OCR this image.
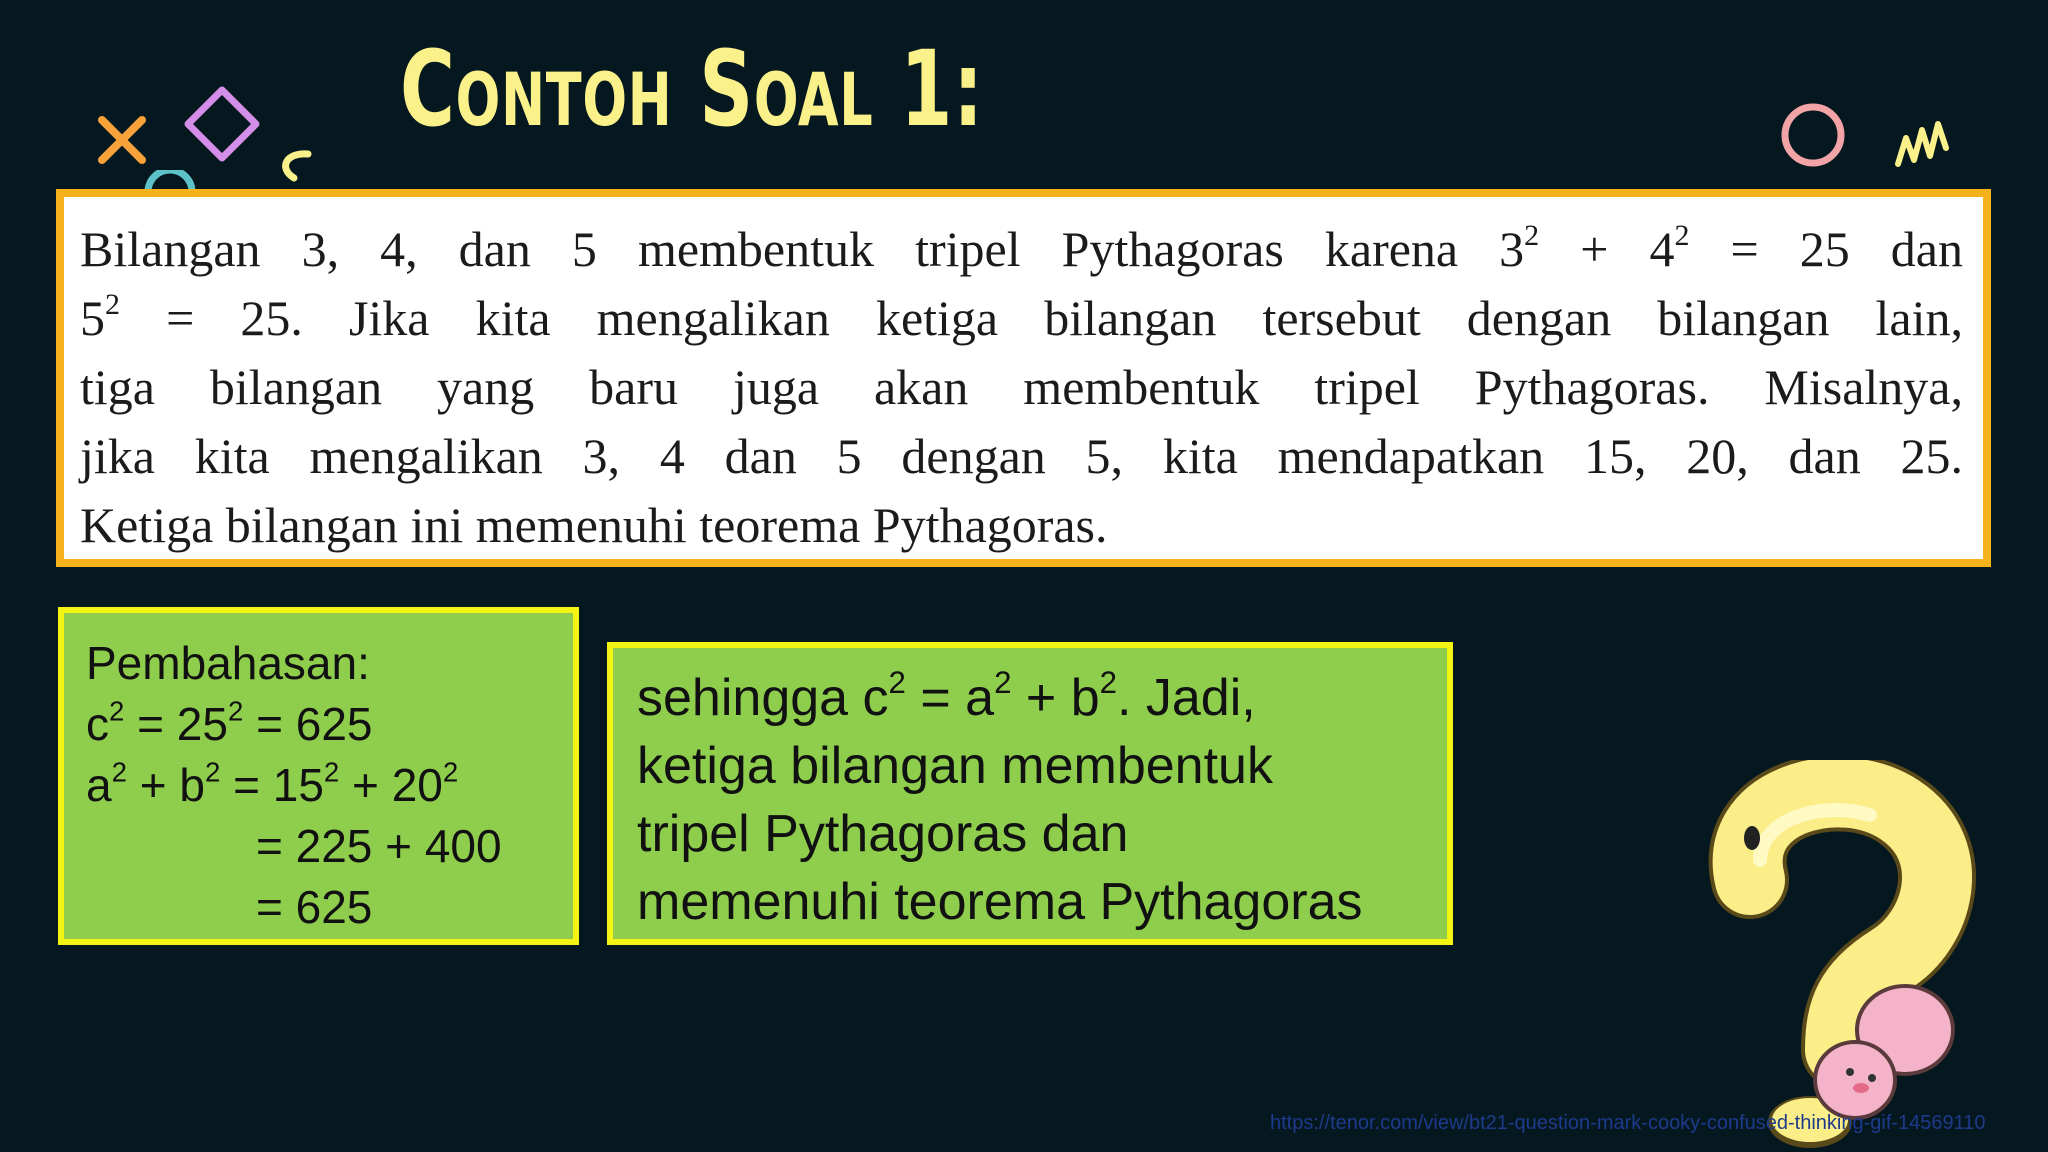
Contoh Soal 1:
Bilangan 3, 4, dan 5 membentuk tripel Pythagoras karena $3^2 + 4^2 = 25$ dan
$5^2 = 25$. Jika kita mengalikan ketiga bilangan tersebut dengan bilangan lain,
tiga bilangan yang baru juga akan membentuk tripel Pythagoras. Misalnya,
jika kita mengalikan 3, 4 dan 5 dengan 5, kita mendapatkan 15, 20, dan 25.
Ketiga bilangan ini memenuhi teorema Pythagoras.
Pembahasan:
$c^2 = 25^2 = 625$
$a^2 + b^2 = 15^2 + 20^2$
= 225 + 400
= 625
sehingga $c^2 = a^2 + b^2$. Jadi,
ketiga bilangan membentuk
tripel Pythagoras dan
memenuhi teorema Pythagoras
https://tenor.com/view/bt21-question-mark-cooky-confused-thinking-gif-14569110
